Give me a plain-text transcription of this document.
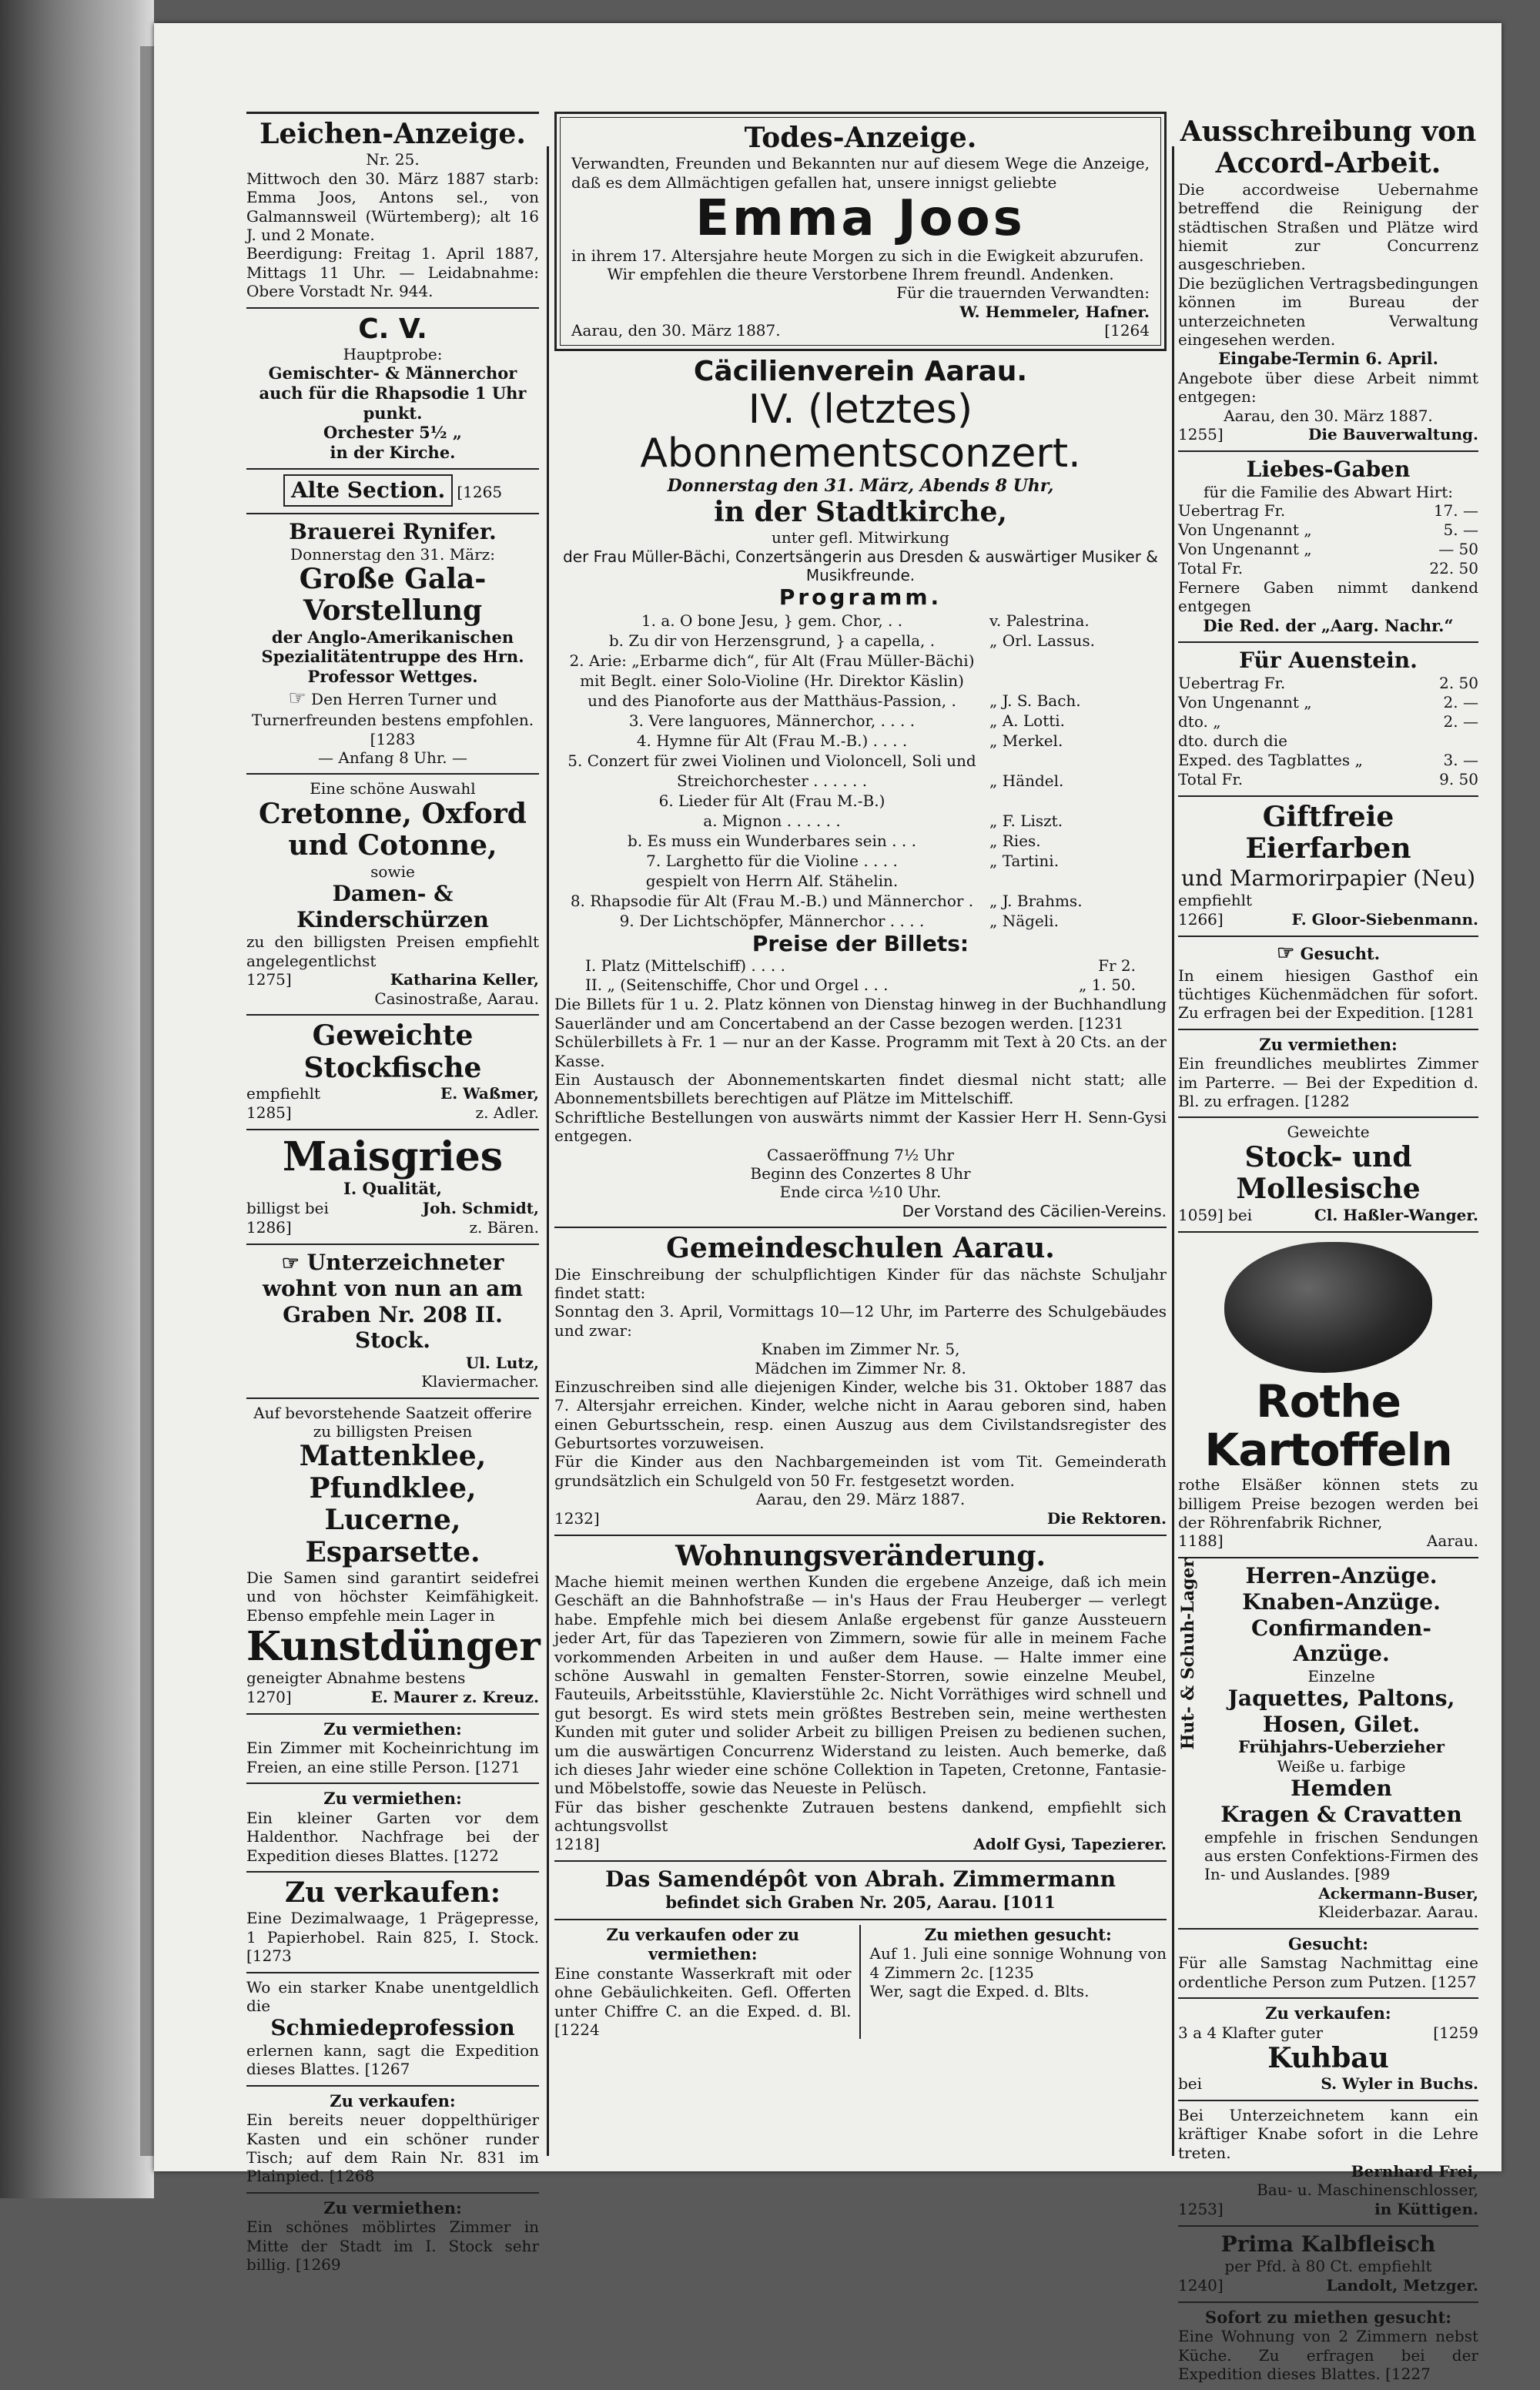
Leichen-Anzeige.
Nr. 25.
Mittwoch den 30. März 1887 starb: Emma Joos, Antons sel., von Galmannsweil (Würtemberg); alt 16 J. und 2 Monate.
Beerdigung: Freitag 1. April 1887, Mittags 11 Uhr. — Leidabnahme: Obere Vorstadt Nr. 944.
C. V.
Hauptprobe:
Gemischter- & Männerchor auch für die Rhapsodie 1 Uhr punkt.
Orchester 5½ „
in der Kirche.
Alte Section. [1265
Brauerei Rynifer.
Donnerstag den 31. März:
Große Gala-Vorstellung
der Anglo-Amerikanischen Spezialitätentruppe des Hrn. Professor Wettges.
☞ Den Herren Turner und Turnerfreunden bestens empfohlen. [1283
— Anfang 8 Uhr. —
Eine schöne Auswahl
Cretonne, Oxford und Cotonne,
sowie
Damen- & Kinderschürzen
zu den billigsten Preisen empfiehlt angelegentlichst
1275]	Katharina Keller,
Casinostraße, Aarau.
Geweichte Stockfische
empfiehlt	E. Waßmer,
1285]	z. Adler.
Maisgries
I. Qualität,
billigst bei	Joh. Schmidt,
1286]	z. Bären.
☞ Unterzeichneter wohnt von nun an am Graben Nr. 208 II. Stock.
Ul. Lutz,
Klaviermacher.
Auf bevorstehende Saatzeit offerire zu billigsten Preisen
Mattenklee,
Pfundklee,
Lucerne,
Esparsette.
Die Samen sind garantirt seidefrei und von höchster Keimfähigkeit. Ebenso empfehle mein Lager in
Kunstdünger
geneigter Abnahme bestens
1270]	E. Maurer z. Kreuz.
Zu vermiethen:
Ein Zimmer mit Kocheinrichtung im Freien, an eine stille Person. [1271
Zu vermiethen:
Ein kleiner Garten vor dem Haldenthor. Nachfrage bei der Expedition dieses Blattes. [1272
Zu verkaufen:
Eine Dezimalwaage, 1 Prägepresse, 1 Papierhobel. Rain 825, I. Stock. [1273
Wo ein starker Knabe unentgeldlich die
Schmiedeprofession
erlernen kann, sagt die Expedition dieses Blattes. [1267
Zu verkaufen:
Ein bereits neuer doppelthüriger Kasten und ein schöner runder Tisch; auf dem Rain Nr. 831 im Plainpied. [1268
Zu vermiethen:
Ein schönes möblirtes Zimmer in Mitte der Stadt im I. Stock sehr billig. [1269
Todes-Anzeige.
Verwandten, Freunden und Bekannten nur auf diesem Wege die Anzeige, daß es dem Allmächtigen gefallen hat, unsere innigst geliebte
Emma Joos
in ihrem 17. Altersjahre heute Morgen zu sich in die Ewigkeit abzurufen.
Wir empfehlen die theure Verstorbene Ihrem freundl. Andenken.
Für die trauernden Verwandten:
W. Hemmeler, Hafner.
Aarau, den 30. März 1887.	[1264
Cäcilienverein Aarau.
IV. (letztes) Abonnementsconzert.
Donnerstag den 31. März, Abends 8 Uhr,
in der Stadtkirche,
unter gefl. Mitwirkung
der Frau Müller-Bächi, Conzertsängerin aus Dresden & auswärtiger Musiker & Musikfreunde.
Programm.
1. a. O bone Jesu, } gem. Chor, . .	v. Palestrina.
b. Zu dir von Herzensgrund, } a capella, .	„ Orl. Lassus.
2. Arie: „Erbarme dich“, für Alt (Frau Müller-Bächi)
mit Beglt. einer Solo-Violine (Hr. Direktor Käslin)
und des Pianoforte aus der Matthäus-Passion, .	„ J. S. Bach.
3. Vere languores, Männerchor, . . . .	„ A. Lotti.
4. Hymne für Alt (Frau M.-B.) . . . .	„ Merkel.
5. Conzert für zwei Violinen und Violoncell, Soli und
Streichorchester . . . . . .	„ Händel.
6. Lieder für Alt (Frau M.-B.)
a. Mignon . . . . . .	„ F. Liszt.
b. Es muss ein Wunderbares sein . . .	„ Ries.
7. Larghetto für die Violine . . . .	„ Tartini.
gespielt von Herrn Alf. Stähelin.
8. Rhapsodie für Alt (Frau M.-B.) und Männerchor .	„ J. Brahms.
9. Der Lichtschöpfer, Männerchor . . . .	„ Nägeli.
Preise der Billets:
I. Platz (Mittelschiff) . . . .	Fr 2.
II. „ (Seitenschiffe, Chor und Orgel . . .	„ 1. 50.
Die Billets für 1 u. 2. Platz können von Dienstag hinweg in der Buchhandlung Sauerländer und am Concertabend an der Casse bezogen werden. [1231
Schülerbillets à Fr. 1 — nur an der Kasse. Programm mit Text à 20 Cts. an der Kasse.
Ein Austausch der Abonnementskarten findet diesmal nicht statt; alle Abonnementsbillets berechtigen auf Plätze im Mittelschiff.
Schriftliche Bestellungen von auswärts nimmt der Kassier Herr H. Senn-Gysi entgegen.
Cassaeröffnung 7½ Uhr
Beginn des Conzertes 8 Uhr
Ende circa ½10 Uhr.
Der Vorstand des Cäcilien-Vereins.
Gemeindeschulen Aarau.
Die Einschreibung der schulpflichtigen Kinder für das nächste Schuljahr findet statt:
Sonntag den 3. April, Vormittags 10—12 Uhr, im Parterre des Schulgebäudes und zwar:
Knaben im Zimmer Nr. 5,
Mädchen im Zimmer Nr. 8.
Einzuschreiben sind alle diejenigen Kinder, welche bis 31. Oktober 1887 das 7. Altersjahr erreichen. Kinder, welche nicht in Aarau geboren sind, haben einen Geburtsschein, resp. einen Auszug aus dem Civilstandsregister des Geburtsortes vorzuweisen.
Für die Kinder aus den Nachbargemeinden ist vom Tit. Gemeinderath grundsätzlich ein Schulgeld von 50 Fr. festgesetzt worden.
Aarau, den 29. März 1887.
1232]	Die Rektoren.
Wohnungsveränderung.
Mache hiemit meinen werthen Kunden die ergebene Anzeige, daß ich mein Geschäft an die Bahnhofstraße — in's Haus der Frau Heuberger — verlegt habe. Empfehle mich bei diesem Anlaße ergebenst für ganze Aussteuern jeder Art, für das Tapezieren von Zimmern, sowie für alle in meinem Fache vorkommenden Arbeiten in und außer dem Hause. — Halte immer eine schöne Auswahl in gemalten Fenster-Storren, sowie einzelne Meubel, Fauteuils, Arbeitsstühle, Klavierstühle 2c. Nicht Vorräthiges wird schnell und gut besorgt. Es wird stets mein größtes Bestreben sein, meine werthesten Kunden mit guter und solider Arbeit zu billigen Preisen zu bedienen suchen, um die auswärtigen Concurrenz Widerstand zu leisten. Auch bemerke, daß ich dieses Jahr wieder eine schöne Collektion in Tapeten, Cretonne, Fantasie- und Möbelstoffe, sowie das Neueste in Pelüsch.
Für das bisher geschenkte Zutrauen bestens dankend, empfiehlt sich achtungsvollst
1218]	Adolf Gysi, Tapezierer.
Das Samendépôt von Abrah. Zimmermann
befindet sich Graben Nr. 205, Aarau. [1011
Zu verkaufen oder zu vermiethen:
Eine constante Wasserkraft mit oder ohne Gebäulichkeiten. Gefl. Offerten unter Chiffre C. an die Exped. d. Bl. [1224
Zu miethen gesucht:
Auf 1. Juli eine sonnige Wohnung von 4 Zimmern 2c. [1235
Wer, sagt die Exped. d. Blts.
Ausschreibung von Accord-Arbeit.
Die accordweise Uebernahme betreffend die Reinigung der städtischen Straßen und Plätze wird hiemit zur Concurrenz ausgeschrieben.
Die bezüglichen Vertragsbedingungen können im Bureau der unterzeichneten Verwaltung eingesehen werden.
Eingabe-Termin 6. April.
Angebote über diese Arbeit nimmt entgegen:
Aarau, den 30. März 1887.
1255]	Die Bauverwaltung.
Liebes-Gaben
für die Familie des Abwart Hirt:
Uebertrag Fr.	17. —
Von Ungenannt „	5. —
Von Ungenannt „	— 50
Total Fr.	22. 50
Fernere Gaben nimmt dankend entgegen
Die Red. der „Aarg. Nachr.“
Für Auenstein.
Uebertrag Fr.	2. 50
Von Ungenannt „	2. —
dto. „	2. —
dto. durch die
Exped. des Tagblattes „	3. —
Total Fr.	9. 50
Giftfreie Eierfarben
und Marmorirpapier (Neu)
empfiehlt
1266]	F. Gloor-Siebenmann.
☞ Gesucht.
In einem hiesigen Gasthof ein tüchtiges Küchenmädchen für sofort. Zu erfragen bei der Expedition. [1281
Zu vermiethen:
Ein freundliches meublirtes Zimmer im Parterre. — Bei der Expedition d. Bl. zu erfragen. [1282
Geweichte
Stock- und Mollesische
1059] bei	Cl. Haßler-Wanger.
Rothe Kartoffeln
rothe Elsäßer können stets zu billigem Preise bezogen werden bei der Röhrenfabrik Richner,
1188]	Aarau.
Hut- & Schuh-Lager	Herren-Anzüge.
Knaben-Anzüge.
Confirmanden-Anzüge.
Einzelne
Jaquettes, Paltons, Hosen, Gilet.
Frühjahrs-Ueberzieher
Weiße u. farbige
Hemden
Kragen & Cravatten
empfehle in frischen Sendungen aus ersten Confektions-Firmen des In- und Auslandes. [989
Ackermann-Buser,
Kleiderbazar. Aarau.
Gesucht:
Für alle Samstag Nachmittag eine ordentliche Person zum Putzen. [1257
Zu verkaufen:
3 a 4 Klafter guter	[1259
Kuhbau
bei	S. Wyler in Buchs.
Bei Unterzeichnetem kann ein kräftiger Knabe sofort in die Lehre treten.
Bernhard Frei,
Bau- u. Maschinenschlosser,
1253]	in Küttigen.
Prima Kalbfleisch
per Pfd. à 80 Ct. empfiehlt
1240]	Landolt, Metzger.
Sofort zu miethen gesucht:
Eine Wohnung von 2 Zimmern nebst Küche. Zu erfragen bei der Expedition dieses Blattes. [1227
